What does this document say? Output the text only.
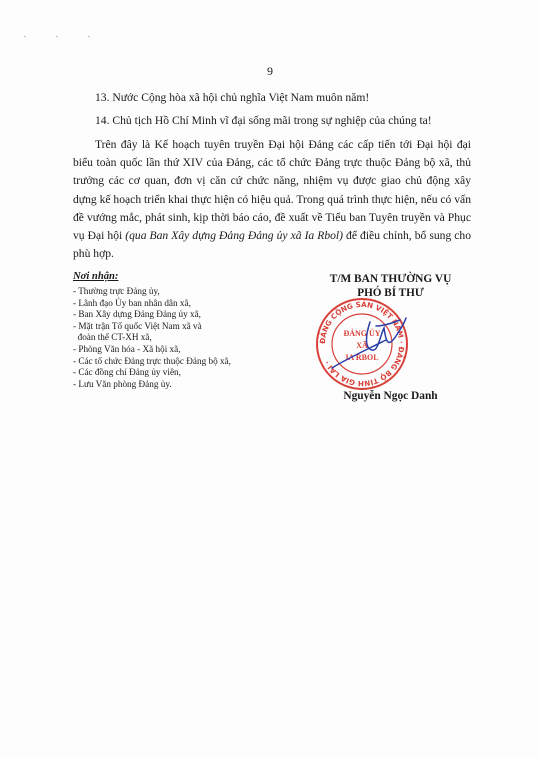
. . .
9
13. Nước Cộng hòa xã hội chủ nghĩa Việt Nam muôn năm!
14. Chủ tịch Hồ Chí Minh vĩ đại sống mãi trong sự nghiệp của chúng ta!
Trên đây là Kế hoạch tuyên truyền Đại hội Đảng các cấp tiến tới Đại hội đại biểu toàn quốc lần thứ XIV của Đảng, các tổ chức Đảng trực thuộc Đảng bộ xã, thủ trưởng các cơ quan, đơn vị căn cứ chức năng, nhiệm vụ được giao chủ động xây dựng kế hoạch triển khai thực hiện có hiệu quả. Trong quá trình thực hiện, nếu có vấn đề vướng mắc, phát sinh, kịp thời báo cáo, đề xuất về Tiểu ban Tuyên truyền và Phục vụ Đại hội (qua Ban Xây dựng Đảng Đảng ủy xã Ia Rbol) để điều chỉnh, bổ sung cho phù hợp.
Nơi nhận:
- Thường trực Đảng ủy,
- Lãnh đạo Ủy ban nhân dân xã,
- Ban Xây dựng Đảng Đảng ủy xã,
- Mặt trận Tổ quốc Việt Nam xã và
đoàn thể CT-XH xã,
- Phòng Văn hóa - Xã hội xã,
- Các tổ chức Đảng trực thuộc Đảng bộ xã,
- Các đồng chí Đảng ủy viên,
- Lưu Văn phòng Đảng ủy.
T/M BAN THƯỜNG VỤ
PHÓ BÍ THƯ
ĐẢNG CỘNG SẢN VIỆT NAM · ĐẢNG BỘ TỈNH GIA LAI ·
ĐẢNG ỦY
XÃ
IA RBOL
Nguyễn Ngọc Danh
